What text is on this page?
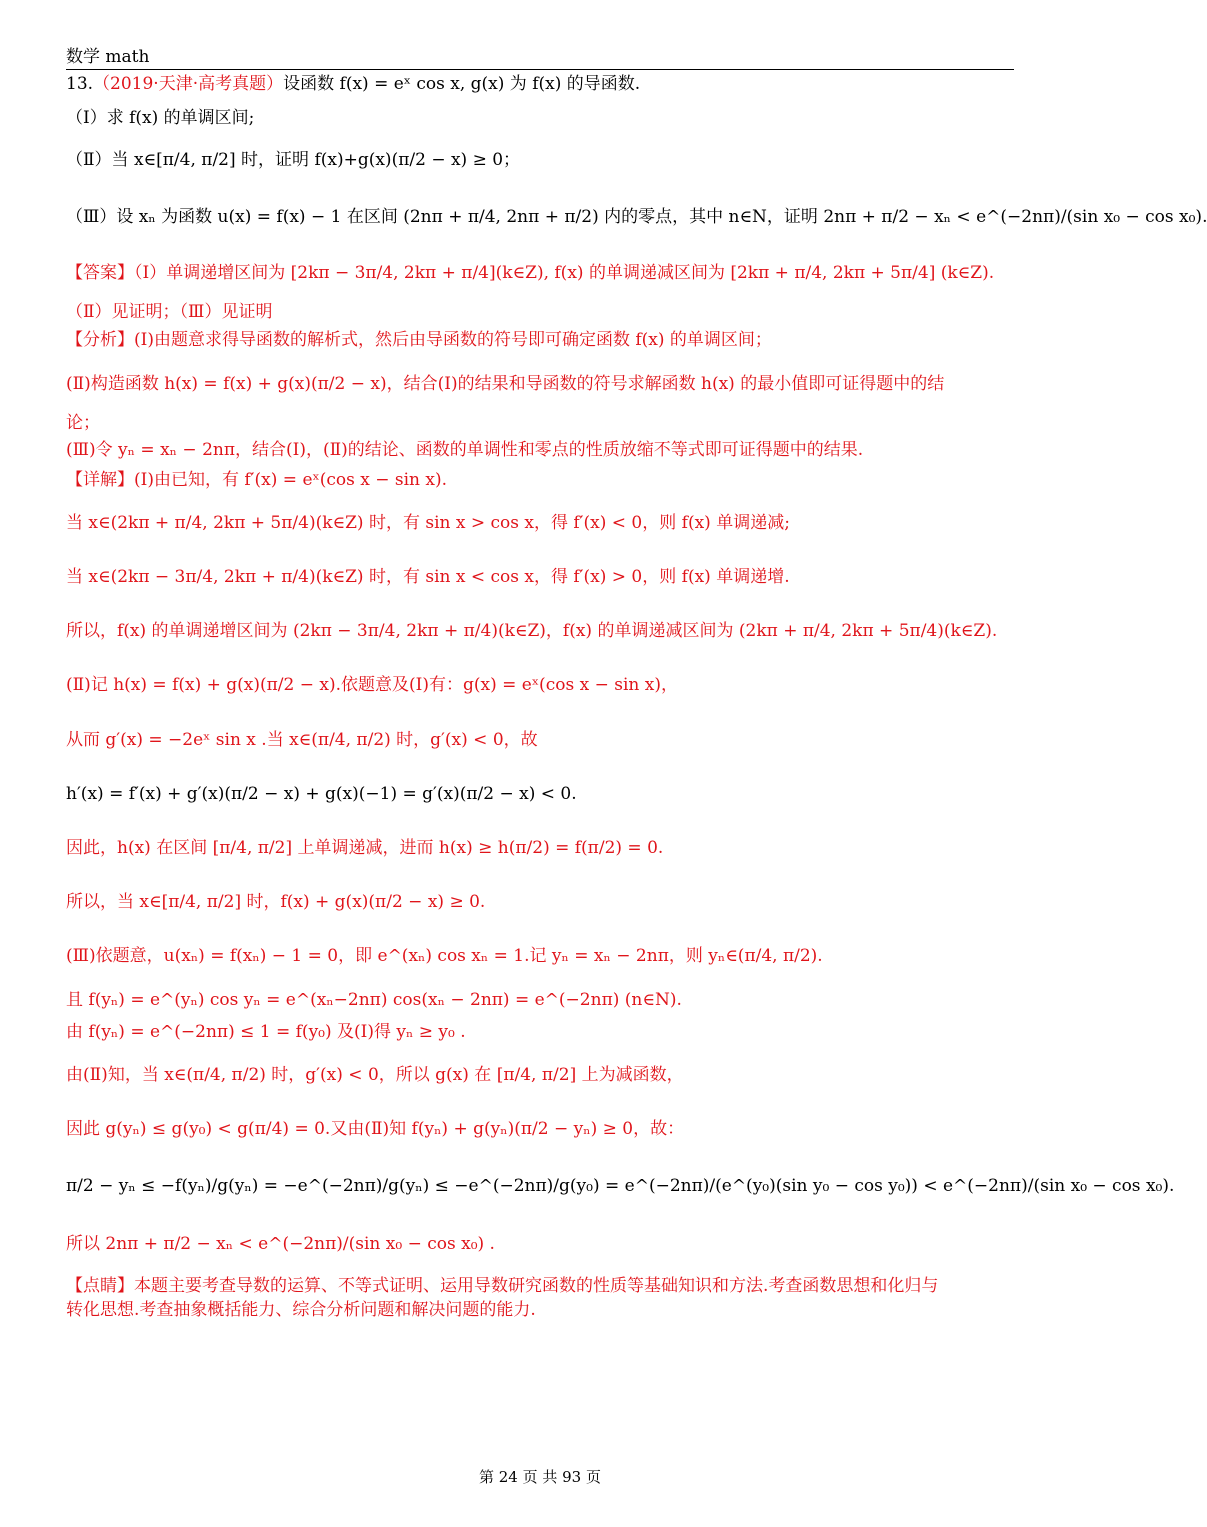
数学 math
13.（2019·天津·高考真题）设函数 f(x) = eˣ cos x, g(x) 为 f(x) 的导函数.
（Ⅰ）求 f(x) 的单调区间;
（Ⅱ）当 x∈[π/4, π/2] 时，证明 f(x)+g(x)(π/2 − x) ≥ 0；
（Ⅲ）设 xₙ 为函数 u(x) = f(x) − 1 在区间 (2nπ + π/4, 2nπ + π/2) 内的零点，其中 n∈N，证明 2nπ + π/2 − xₙ < e^(−2nπ)/(sin x₀ − cos x₀).
【答案】（Ⅰ）单调递增区间为 [2kπ − 3π/4, 2kπ + π/4](k∈Z), f(x) 的单调递减区间为 [2kπ + π/4, 2kπ + 5π/4] (k∈Z).
（Ⅱ）见证明；（Ⅲ）见证明
【分析】(Ⅰ)由题意求得导函数的解析式，然后由导函数的符号即可确定函数 f(x) 的单调区间；
(Ⅱ)构造函数 h(x) = f(x) + g(x)(π/2 − x)，结合(Ⅰ)的结果和导函数的符号求解函数 h(x) 的最小值即可证得题中的结
论；
(Ⅲ)令 yₙ = xₙ − 2nπ，结合(Ⅰ)，(Ⅱ)的结论、函数的单调性和零点的性质放缩不等式即可证得题中的结果.
【详解】(Ⅰ)由已知，有 f′(x) = eˣ(cos x − sin x).
当 x∈(2kπ + π/4, 2kπ + 5π/4)(k∈Z) 时，有 sin x > cos x，得 f′(x) < 0，则 f(x) 单调递减;
当 x∈(2kπ − 3π/4, 2kπ + π/4)(k∈Z) 时，有 sin x < cos x，得 f′(x) > 0，则 f(x) 单调递增.
所以，f(x) 的单调递增区间为 (2kπ − 3π/4, 2kπ + π/4)(k∈Z)，f(x) 的单调递减区间为 (2kπ + π/4, 2kπ + 5π/4)(k∈Z).
(Ⅱ)记 h(x) = f(x) + g(x)(π/2 − x).依题意及(Ⅰ)有：g(x) = eˣ(cos x − sin x)，
从而 g′(x) = −2eˣ sin x .当 x∈(π/4, π/2) 时，g′(x) < 0，故
h′(x) = f′(x) + g′(x)(π/2 − x) + g(x)(−1) = g′(x)(π/2 − x) < 0.
因此，h(x) 在区间 [π/4, π/2] 上单调递减，进而 h(x) ≥ h(π/2) = f(π/2) = 0.
所以，当 x∈[π/4, π/2] 时，f(x) + g(x)(π/2 − x) ≥ 0.
(Ⅲ)依题意，u(xₙ) = f(xₙ) − 1 = 0，即 e^(xₙ) cos xₙ = 1.记 yₙ = xₙ − 2nπ，则 yₙ∈(π/4, π/2).
且 f(yₙ) = e^(yₙ) cos yₙ = e^(xₙ−2nπ) cos(xₙ − 2nπ) = e^(−2nπ) (n∈N).
由 f(yₙ) = e^(−2nπ) ≤ 1 = f(y₀) 及(Ⅰ)得 yₙ ≥ y₀ .
由(Ⅱ)知，当 x∈(π/4, π/2) 时，g′(x) < 0，所以 g(x) 在 [π/4, π/2] 上为减函数，
因此 g(yₙ) ≤ g(y₀) < g(π/4) = 0.又由(Ⅱ)知 f(yₙ) + g(yₙ)(π/2 − yₙ) ≥ 0，故：
π/2 − yₙ ≤ −f(yₙ)/g(yₙ) = −e^(−2nπ)/g(yₙ) ≤ −e^(−2nπ)/g(y₀) = e^(−2nπ)/(e^(y₀)(sin y₀ − cos y₀)) < e^(−2nπ)/(sin x₀ − cos x₀).
所以 2nπ + π/2 − xₙ < e^(−2nπ)/(sin x₀ − cos x₀) .
【点睛】本题主要考查导数的运算、不等式证明、运用导数研究函数的性质等基础知识和方法.考查函数思想和化归与
转化思想.考查抽象概括能力、综合分析问题和解决问题的能力.
第 24 页 共 93 页
